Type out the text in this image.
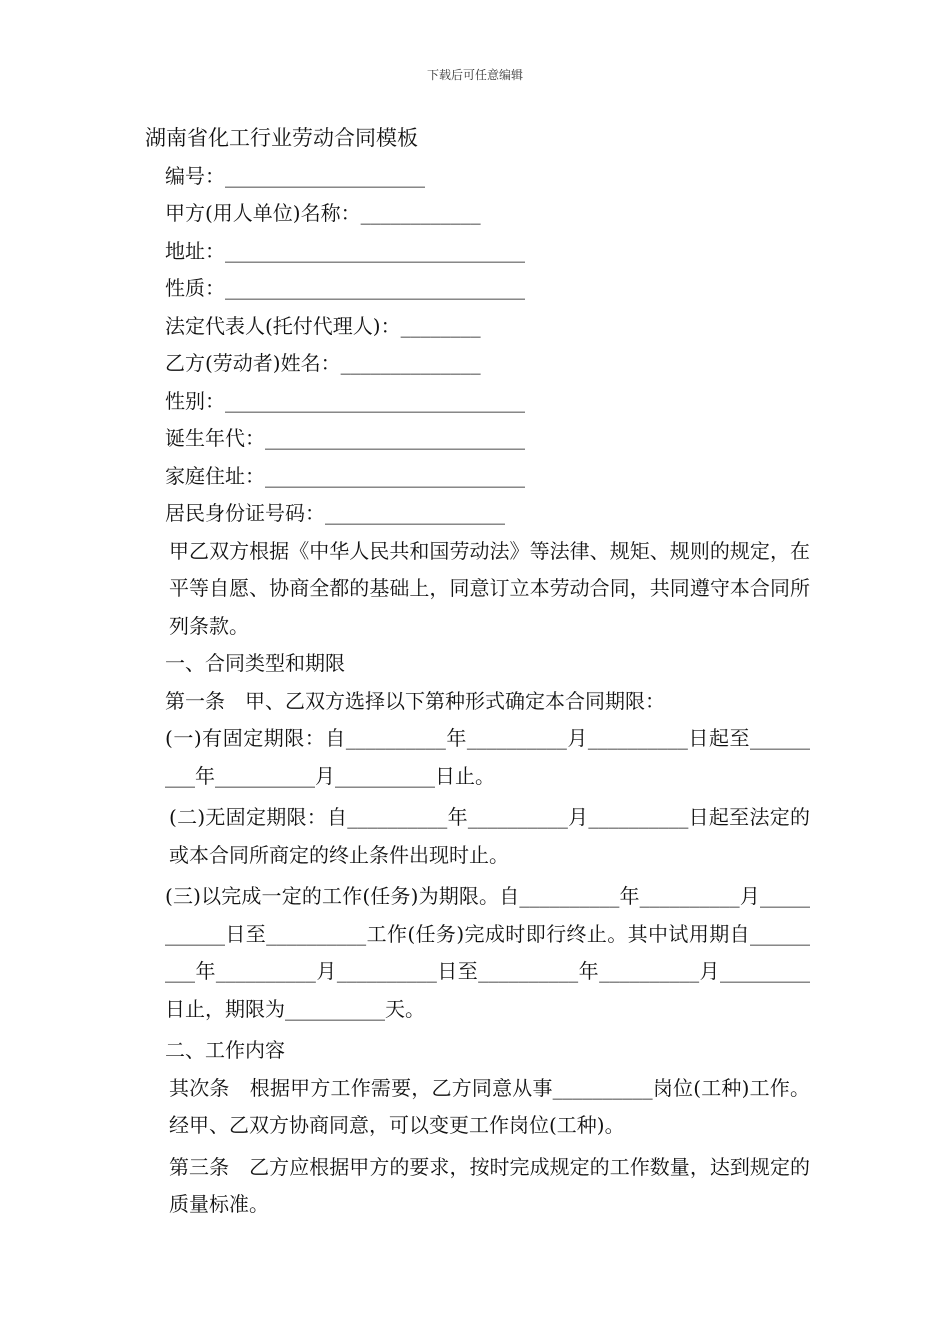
下载后可任意编辑
湖南省化工行业劳动合同模板
编号：____________________
甲方(用人单位)名称：____________
地址：______________________________
性质：______________________________
法定代表人(托付代理人)：________
乙方(劳动者)姓名：______________
性别：______________________________
诞生年代：__________________________
家庭住址：__________________________
居民身份证号码：__________________
甲乙双方根据《中华人民共和国劳动法》等法律、规矩、规则的规定，在平等自愿、协商全都的基础上，同意订立本劳动合同，共同遵守本合同所列条款。
一、合同类型和期限
第一条　甲、乙双方选择以下第种形式确定本合同期限：
(一)有固定期限：自__________年__________月__________日起至_________年__________月__________日止。
(二)无固定期限：自__________年__________月__________日起至法定的或本合同所商定的终止条件出现时止。
(三)以完成一定的工作(任务)为期限。自__________年__________月___________日至__________工作(任务)完成时即行终止。其中试用期自_________年__________月__________日至__________年__________月_________日止，期限为__________天。
二、工作内容
其次条　根据甲方工作需要，乙方同意从事__________岗位(工种)工作。经甲、乙双方协商同意，可以变更工作岗位(工种)。
第三条　乙方应根据甲方的要求，按时完成规定的工作数量，达到规定的质量标准。
